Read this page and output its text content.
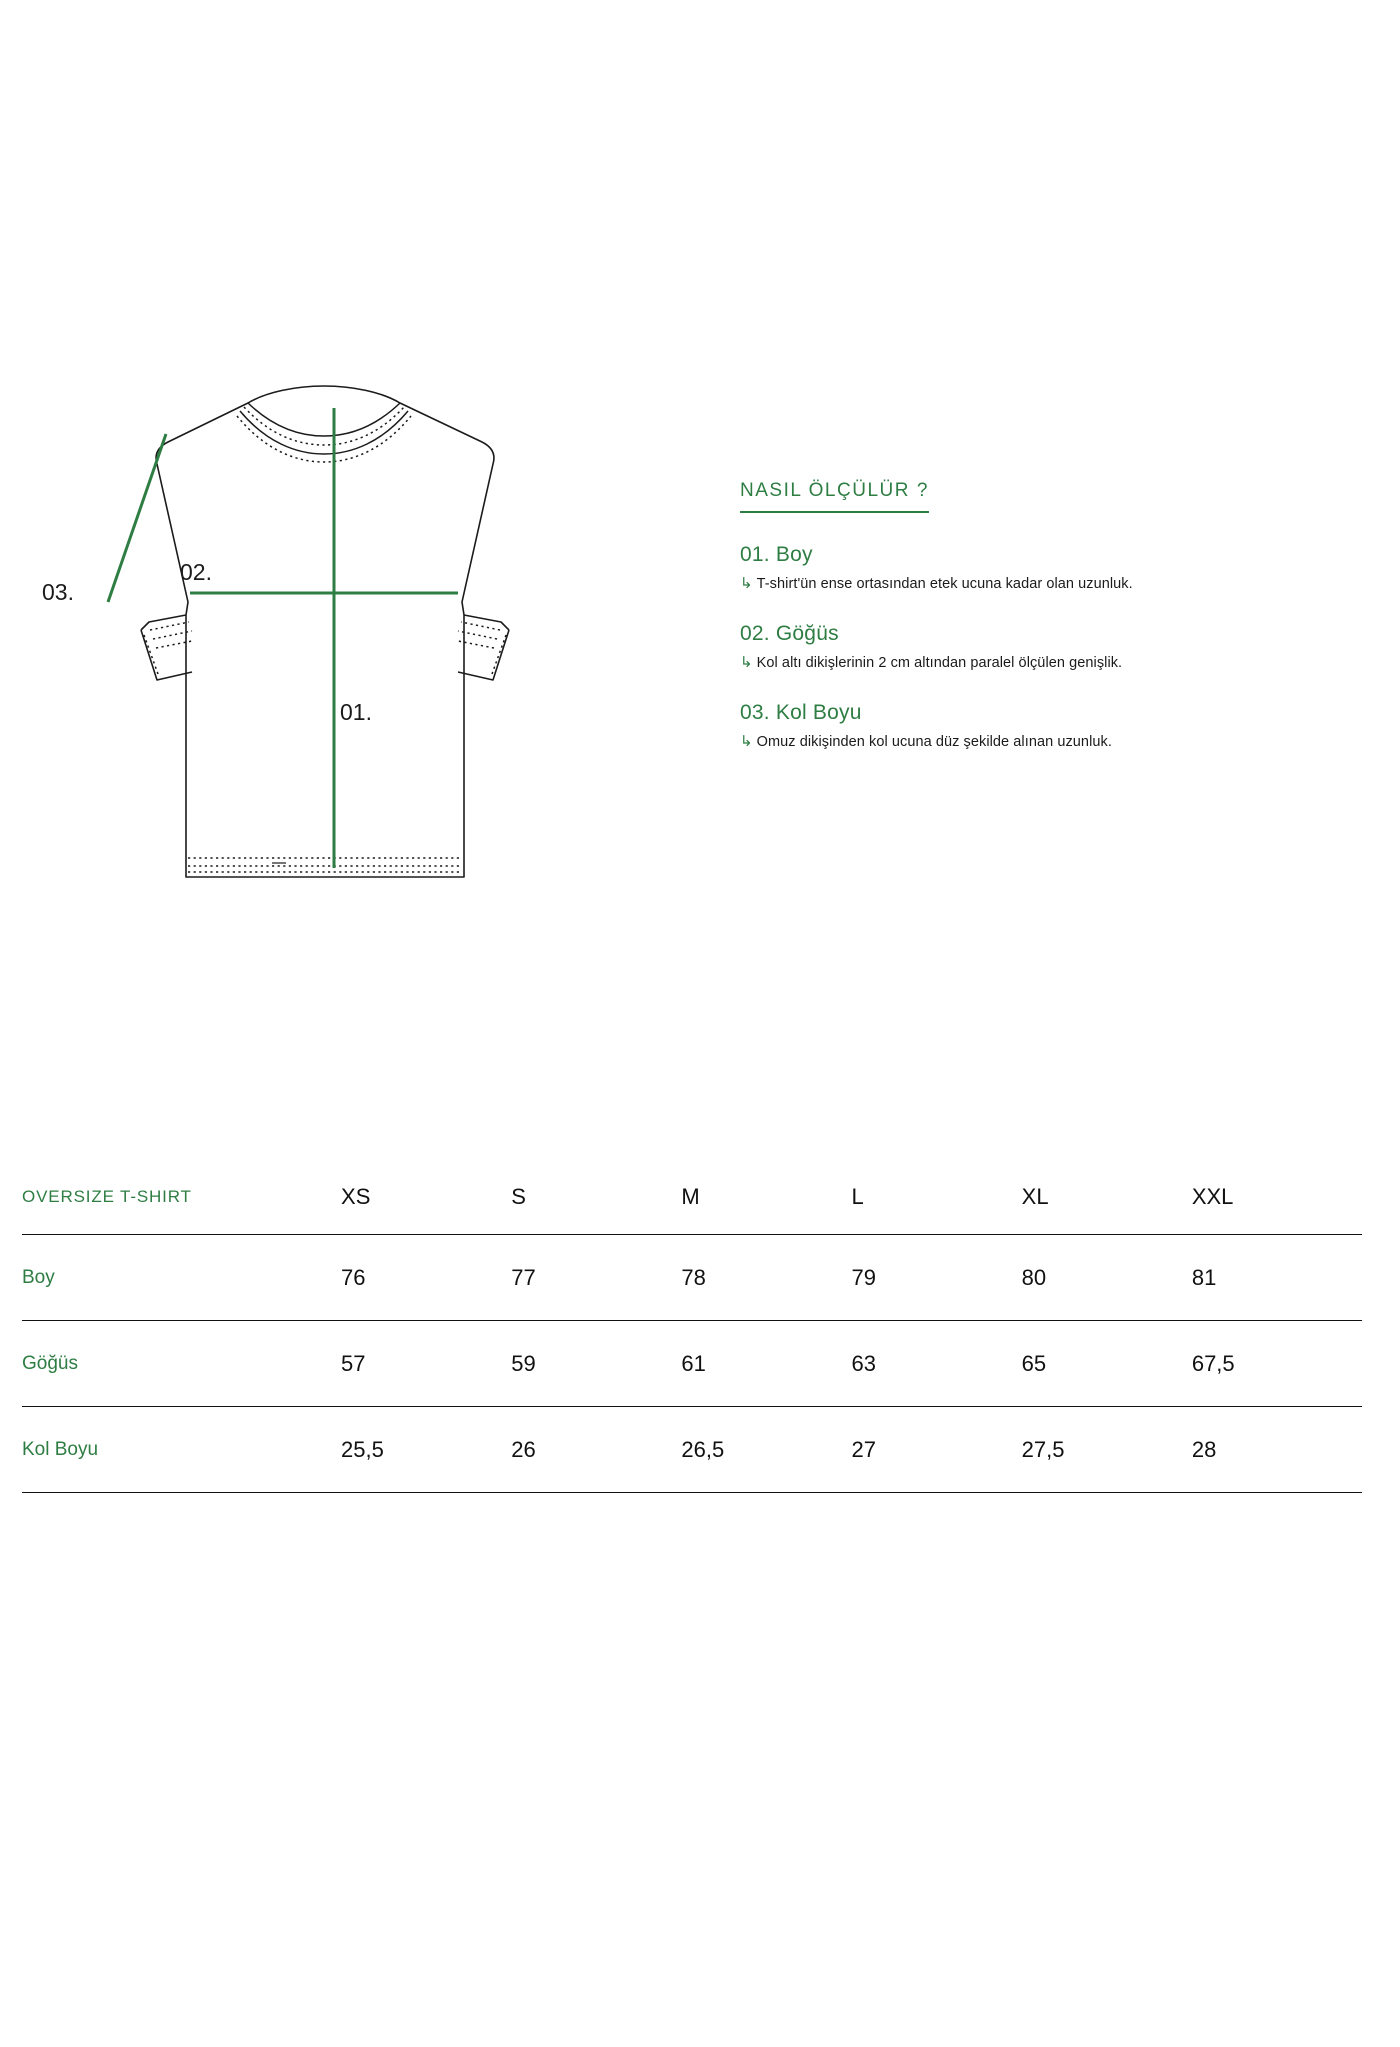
01.
02.
03.
NASIL ÖLÇÜLÜR ?

01. Boy

↳ T-shirt'ün ense ortasından etek ucuna kadar olan uzunluk.

02. Göğüs

↳ Kol altı dikişlerinin 2 cm altından paralel ölçülen genişlik.

03. Kol Boyu

↳ Omuz dikişinden kol ucuna düz şekilde alınan uzunluk.

OVERSIZE T-SHIRT	XS	S	M	L	XL	XXL
Boy	76	77	78	79	80	81
Göğüs	57	59	61	63	65	67,5
Kol Boyu	25,5	26	26,5	27	27,5	28
